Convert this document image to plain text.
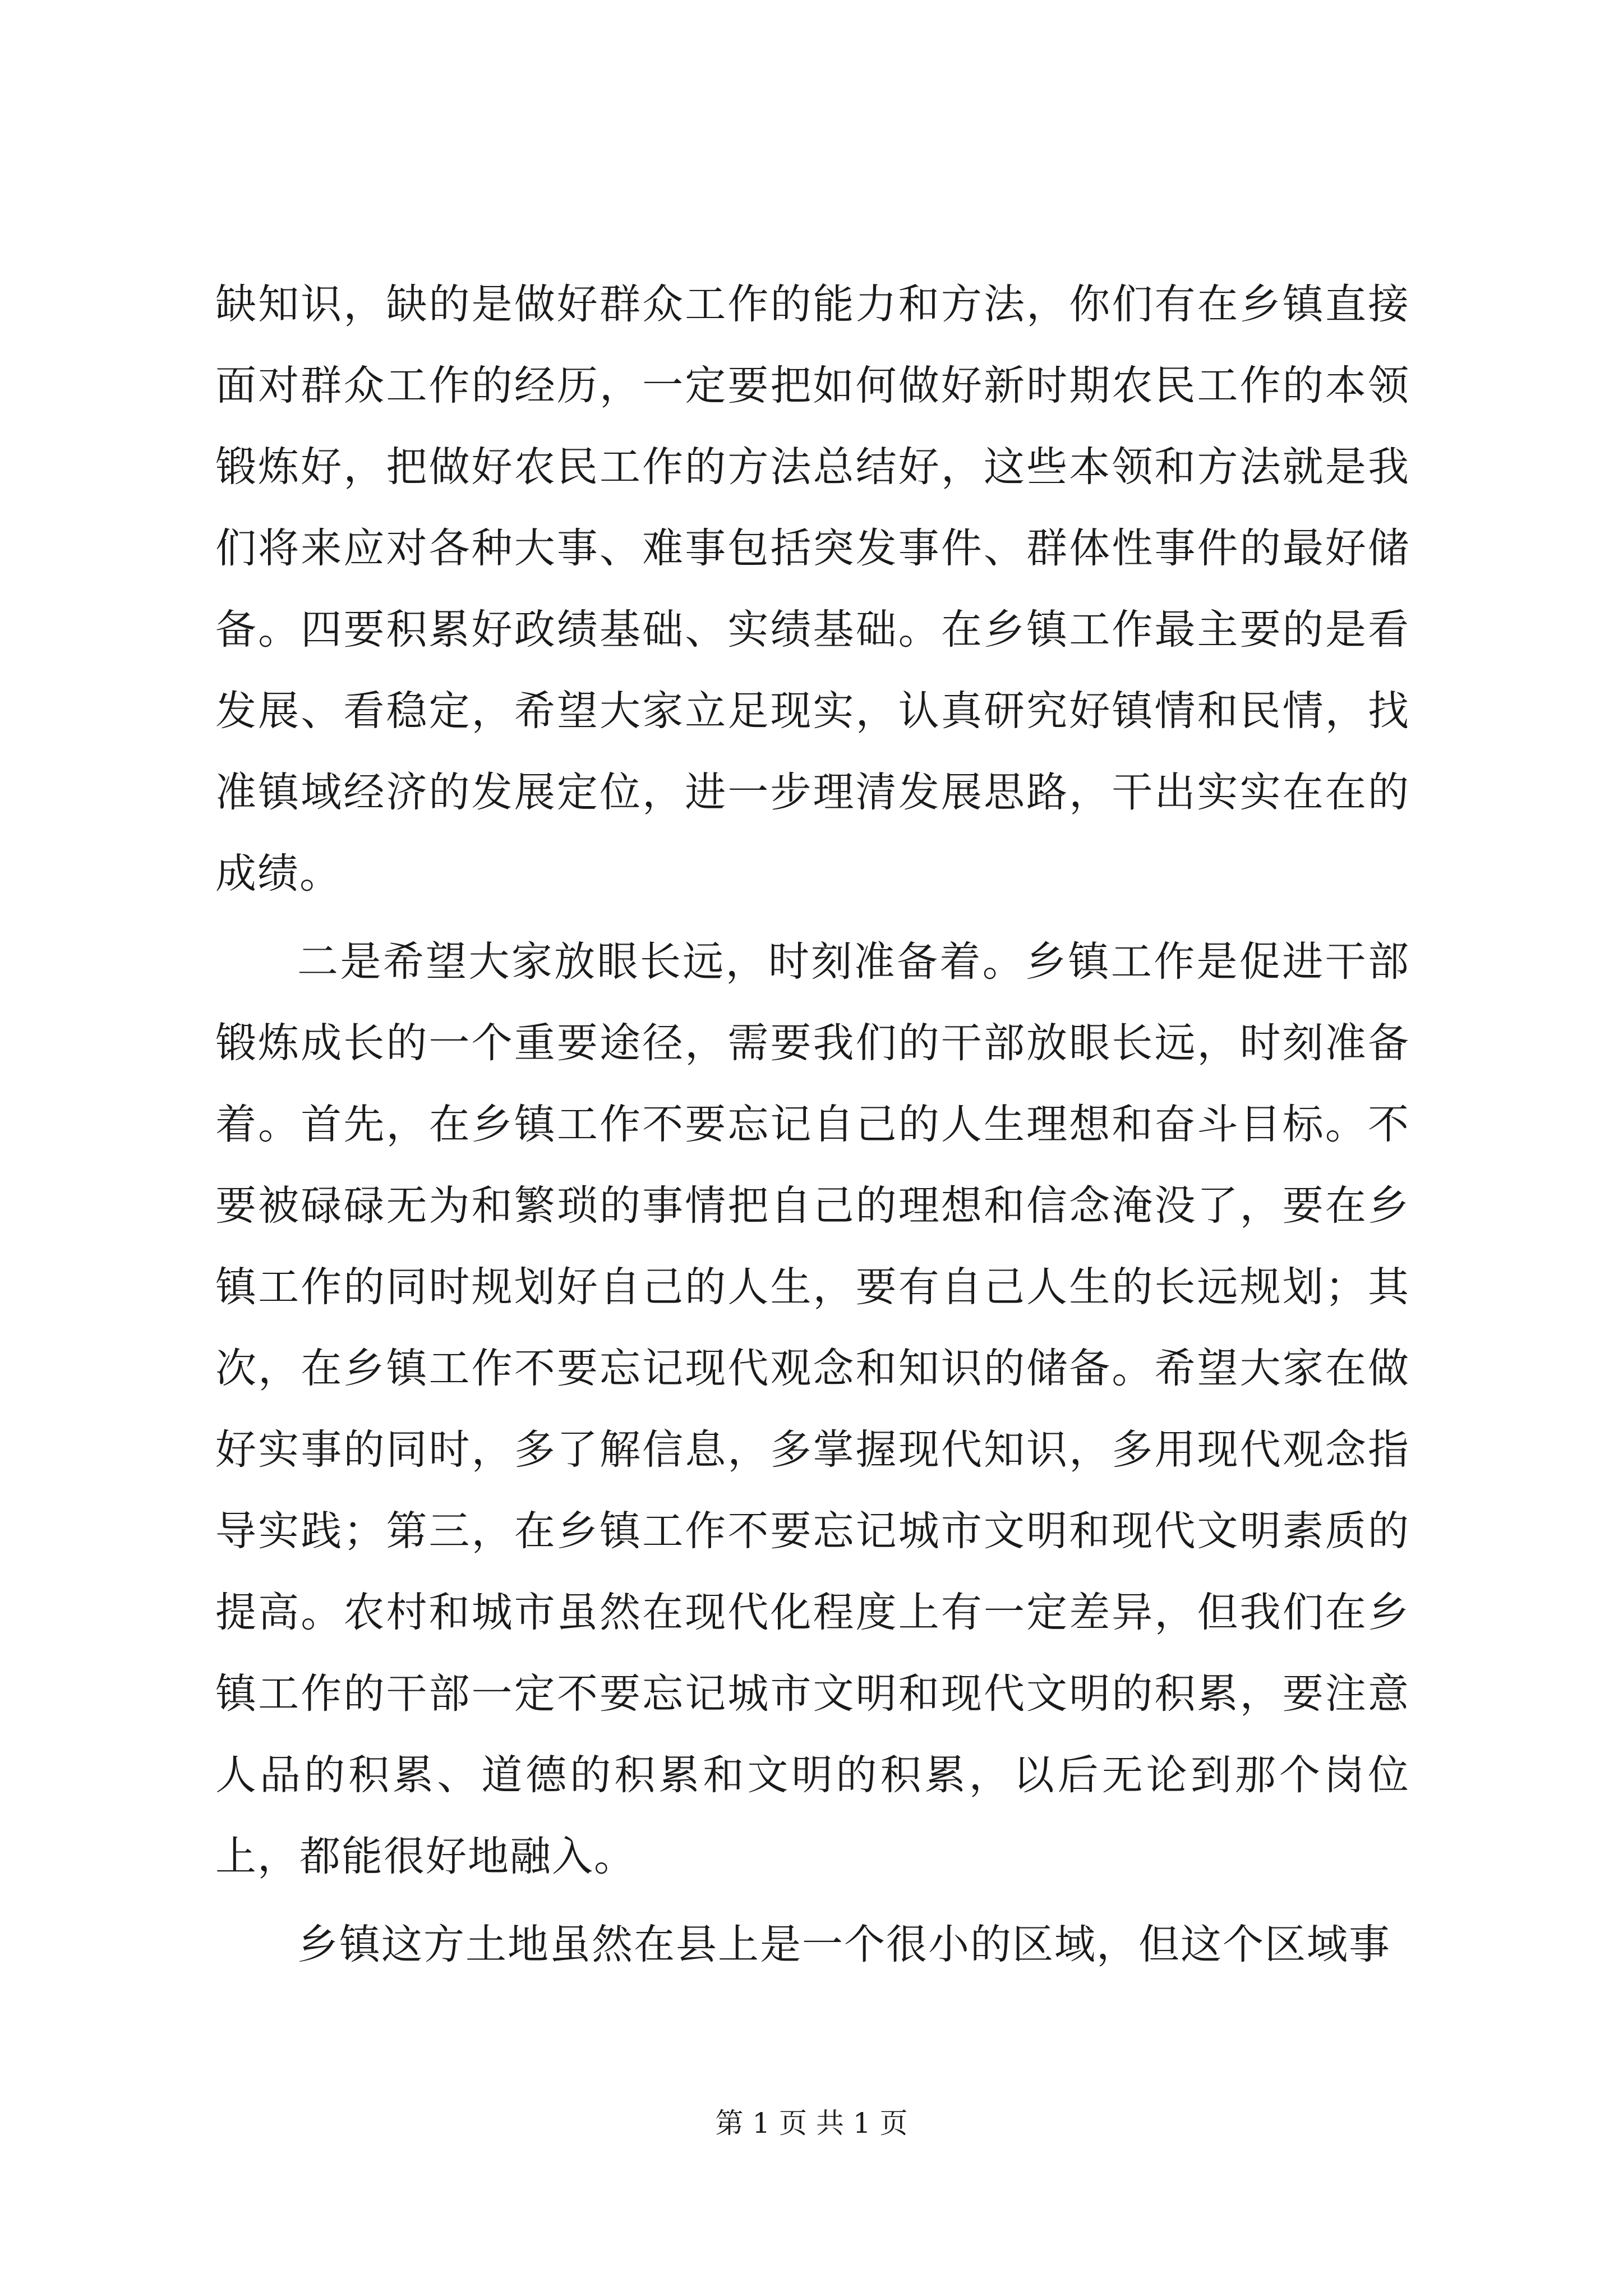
缺知识，缺的是做好群众工作的能力和方法，你们有在乡镇直接面对群众工作的经历，一定要把如何做好新时期农民工作的本领锻炼好，把做好农民工作的方法总结好，这些本领和方法就是我们将来应对各种大事、难事包括突发事件、群体性事件的最好储备。四要积累好政绩基础、实绩基础。在乡镇工作最主要的是看发展、看稳定，希望大家立足现实，认真研究好镇情和民情，找准镇域经济的发展定位，进一步理清发展思路，干出实实在在的成绩。

二是希望大家放眼长远，时刻准备着。乡镇工作是促进干部锻炼成长的一个重要途径，需要我们的干部放眼长远，时刻准备着。首先，在乡镇工作不要忘记自己的人生理想和奋斗目标。不要被碌碌无为和繁琐的事情把自己的理想和信念淹没了，要在乡镇工作的同时规划好自己的人生，要有自己人生的长远规划；其次，在乡镇工作不要忘记现代观念和知识的储备。希望大家在做好实事的同时，多了解信息，多掌握现代知识，多用现代观念指导实践；第三，在乡镇工作不要忘记城市文明和现代文明素质的提高。农村和城市虽然在现代化程度上有一定差异，但我们在乡镇工作的干部一定不要忘记城市文明和现代文明的积累，要注意人品的积累、道德的积累和文明的积累，以后无论到那个岗位上，都能很好地融入。

乡镇这方土地虽然在县上是一个很小的区域，但这个区域事

第 1 页 共 1 页
